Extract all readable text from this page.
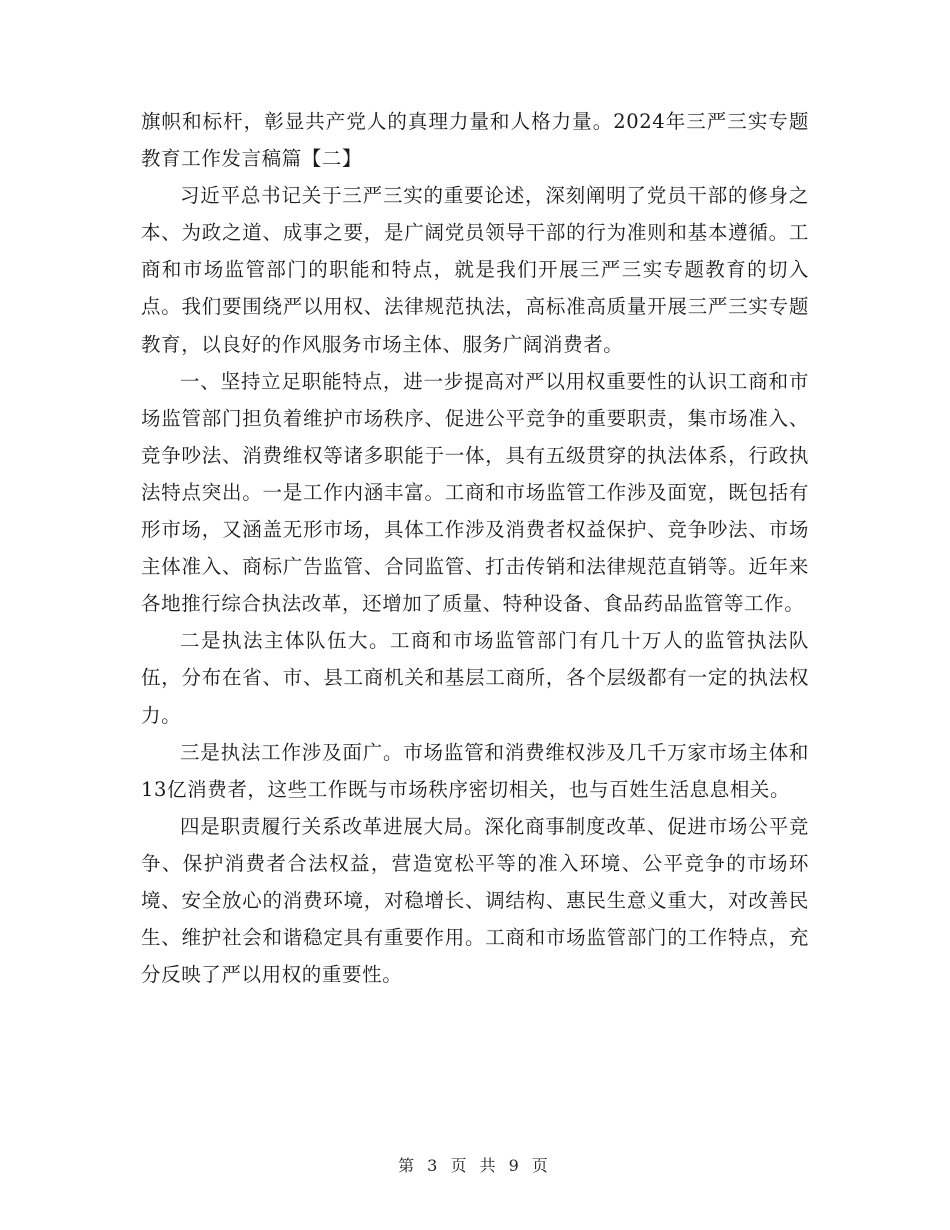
旗帜和标杆，彰显共产党人的真理力量和人格力量。2024年三严三实专题教育工作发言稿篇【二】

习近平总书记关于三严三实的重要论述，深刻阐明了党员干部的修身之本、为政之道、成事之要，是广阔党员领导干部的行为准则和基本遵循。工商和市场监管部门的职能和特点，就是我们开展三严三实专题教育的切入点。我们要围绕严以用权、法律规范执法，高标准高质量开展三严三实专题教育，以良好的作风服务市场主体、服务广阔消费者。

一、坚持立足职能特点，进一步提高对严以用权重要性的认识工商和市场监管部门担负着维护市场秩序、促进公平竞争的重要职责，集市场准入、竞争吵法、消费维权等诸多职能于一体，具有五级贯穿的执法体系，行政执法特点突出。一是工作内涵丰富。工商和市场监管工作涉及面宽，既包括有形市场，又涵盖无形市场，具体工作涉及消费者权益保护、竞争吵法、市场主体准入、商标广告监管、合同监管、打击传销和法律规范直销等。近年来各地推行综合执法改革，还增加了质量、特种设备、食品药品监管等工作。

二是执法主体队伍大。工商和市场监管部门有几十万人的监管执法队伍，分布在省、市、县工商机关和基层工商所，各个层级都有一定的执法权力。

三是执法工作涉及面广。市场监管和消费维权涉及几千万家市场主体和13亿消费者，这些工作既与市场秩序密切相关，也与百姓生活息息相关。

四是职责履行关系改革进展大局。深化商事制度改革、促进市场公平竞争、保护消费者合法权益，营造宽松平等的准入环境、公平竞争的市场环境、安全放心的消费环境，对稳增长、调结构、惠民生意义重大，对改善民生、维护社会和谐稳定具有重要作用。工商和市场监管部门的工作特点，充分反映了严以用权的重要性。

第 3 页 共 9 页
